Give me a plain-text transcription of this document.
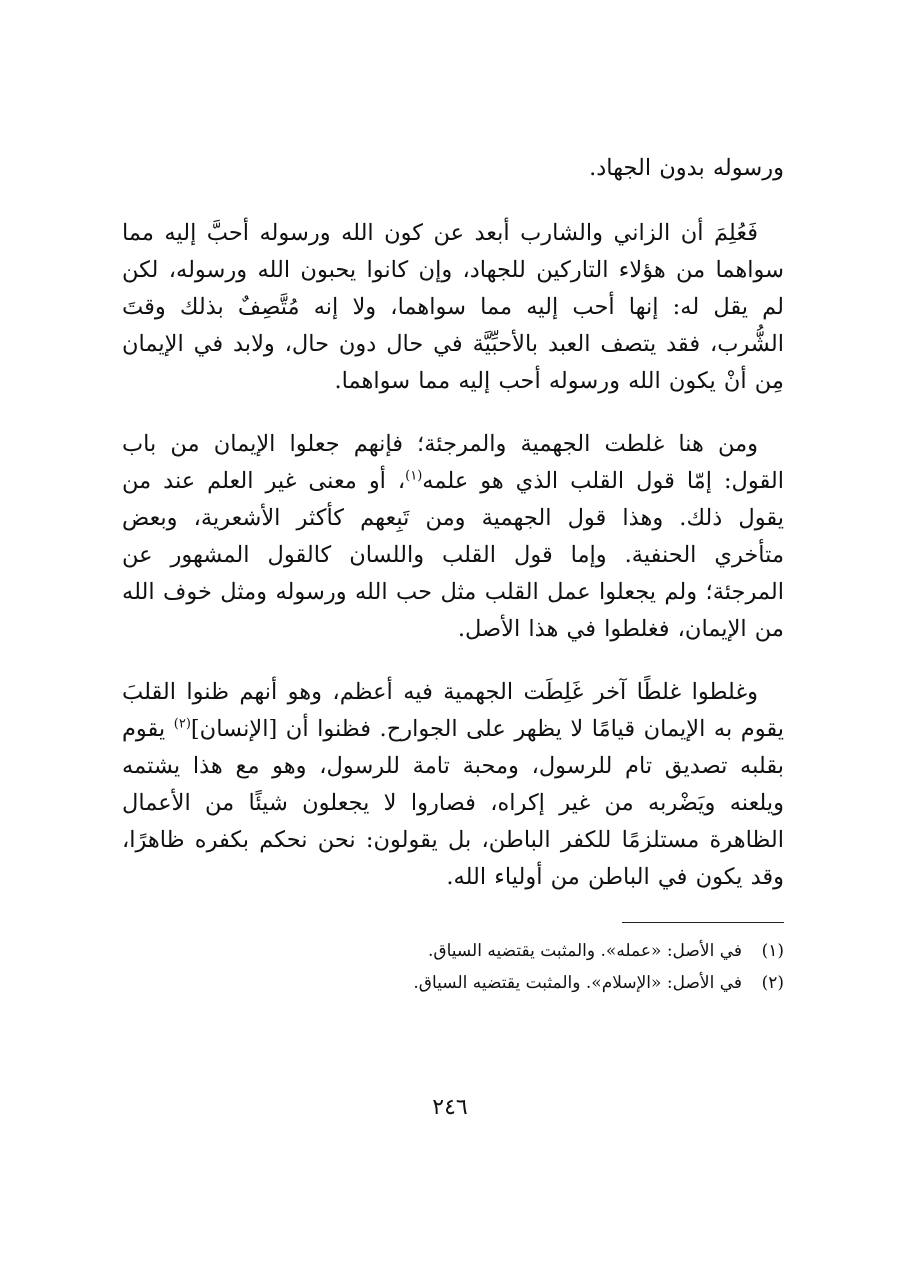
ورسوله بدون الجهاد.

فَعُلِمَ أن الزاني والشارب أبعد عن كون الله ورسوله أحبَّ إليه مما سواهما من هؤلاء التاركين للجهاد، وإن كانوا يحبون الله ورسوله، لكن لم يقل له: إنها أحب إليه مما سواهما، ولا إنه مُتَّصِفٌ بذلك وقتَ الشُّرب، فقد يتصف العبد بالأحبِّيَّة في حال دون حال، ولابد في الإيمان مِن أنْ يكون الله ورسوله أحب إليه مما سواهما.

ومن هنا غلطت الجهمية والمرجئة؛ فإنهم جعلوا الإيمان من باب القول: إمّا قول القلب الذي هو علمه$^{(١)}$، أو معنى غير العلم عند من يقول ذلك. وهذا قول الجهمية ومن تَبِعهم كأكثر الأشعرية، وبعض متأخري الحنفية. وإما قول القلب واللسان كالقول المشهور عن المرجئة؛ ولم يجعلوا عمل القلب مثل حب الله ورسوله ومثل خوف الله من الإيمان، فغلطوا في هذا الأصل.

وغلطوا غلطًا آخر غَلِطَت الجهمية فيه أعظم، وهو أنهم ظنوا القلبَ يقوم به الإيمان قيامًا لا يظهر على الجوارح. فظنوا أن [الإنسان]$^{(٢)}$ يقوم بقلبه تصديق تام للرسول، ومحبة تامة للرسول، وهو مع هذا يشتمه ويلعنه ويَضْربه من غير إكراه، فصاروا لا يجعلون شيئًا من الأعمال الظاهرة مستلزمًا للكفر الباطن، بل يقولون: نحن نحكم بكفره ظاهرًا، وقد يكون في الباطن من أولياء الله.

(١)
في الأصل: «عمله». والمثبت يقتضيه السياق.
(٢)
في الأصل: «الإسلام». والمثبت يقتضيه السياق.
٢٤٦
